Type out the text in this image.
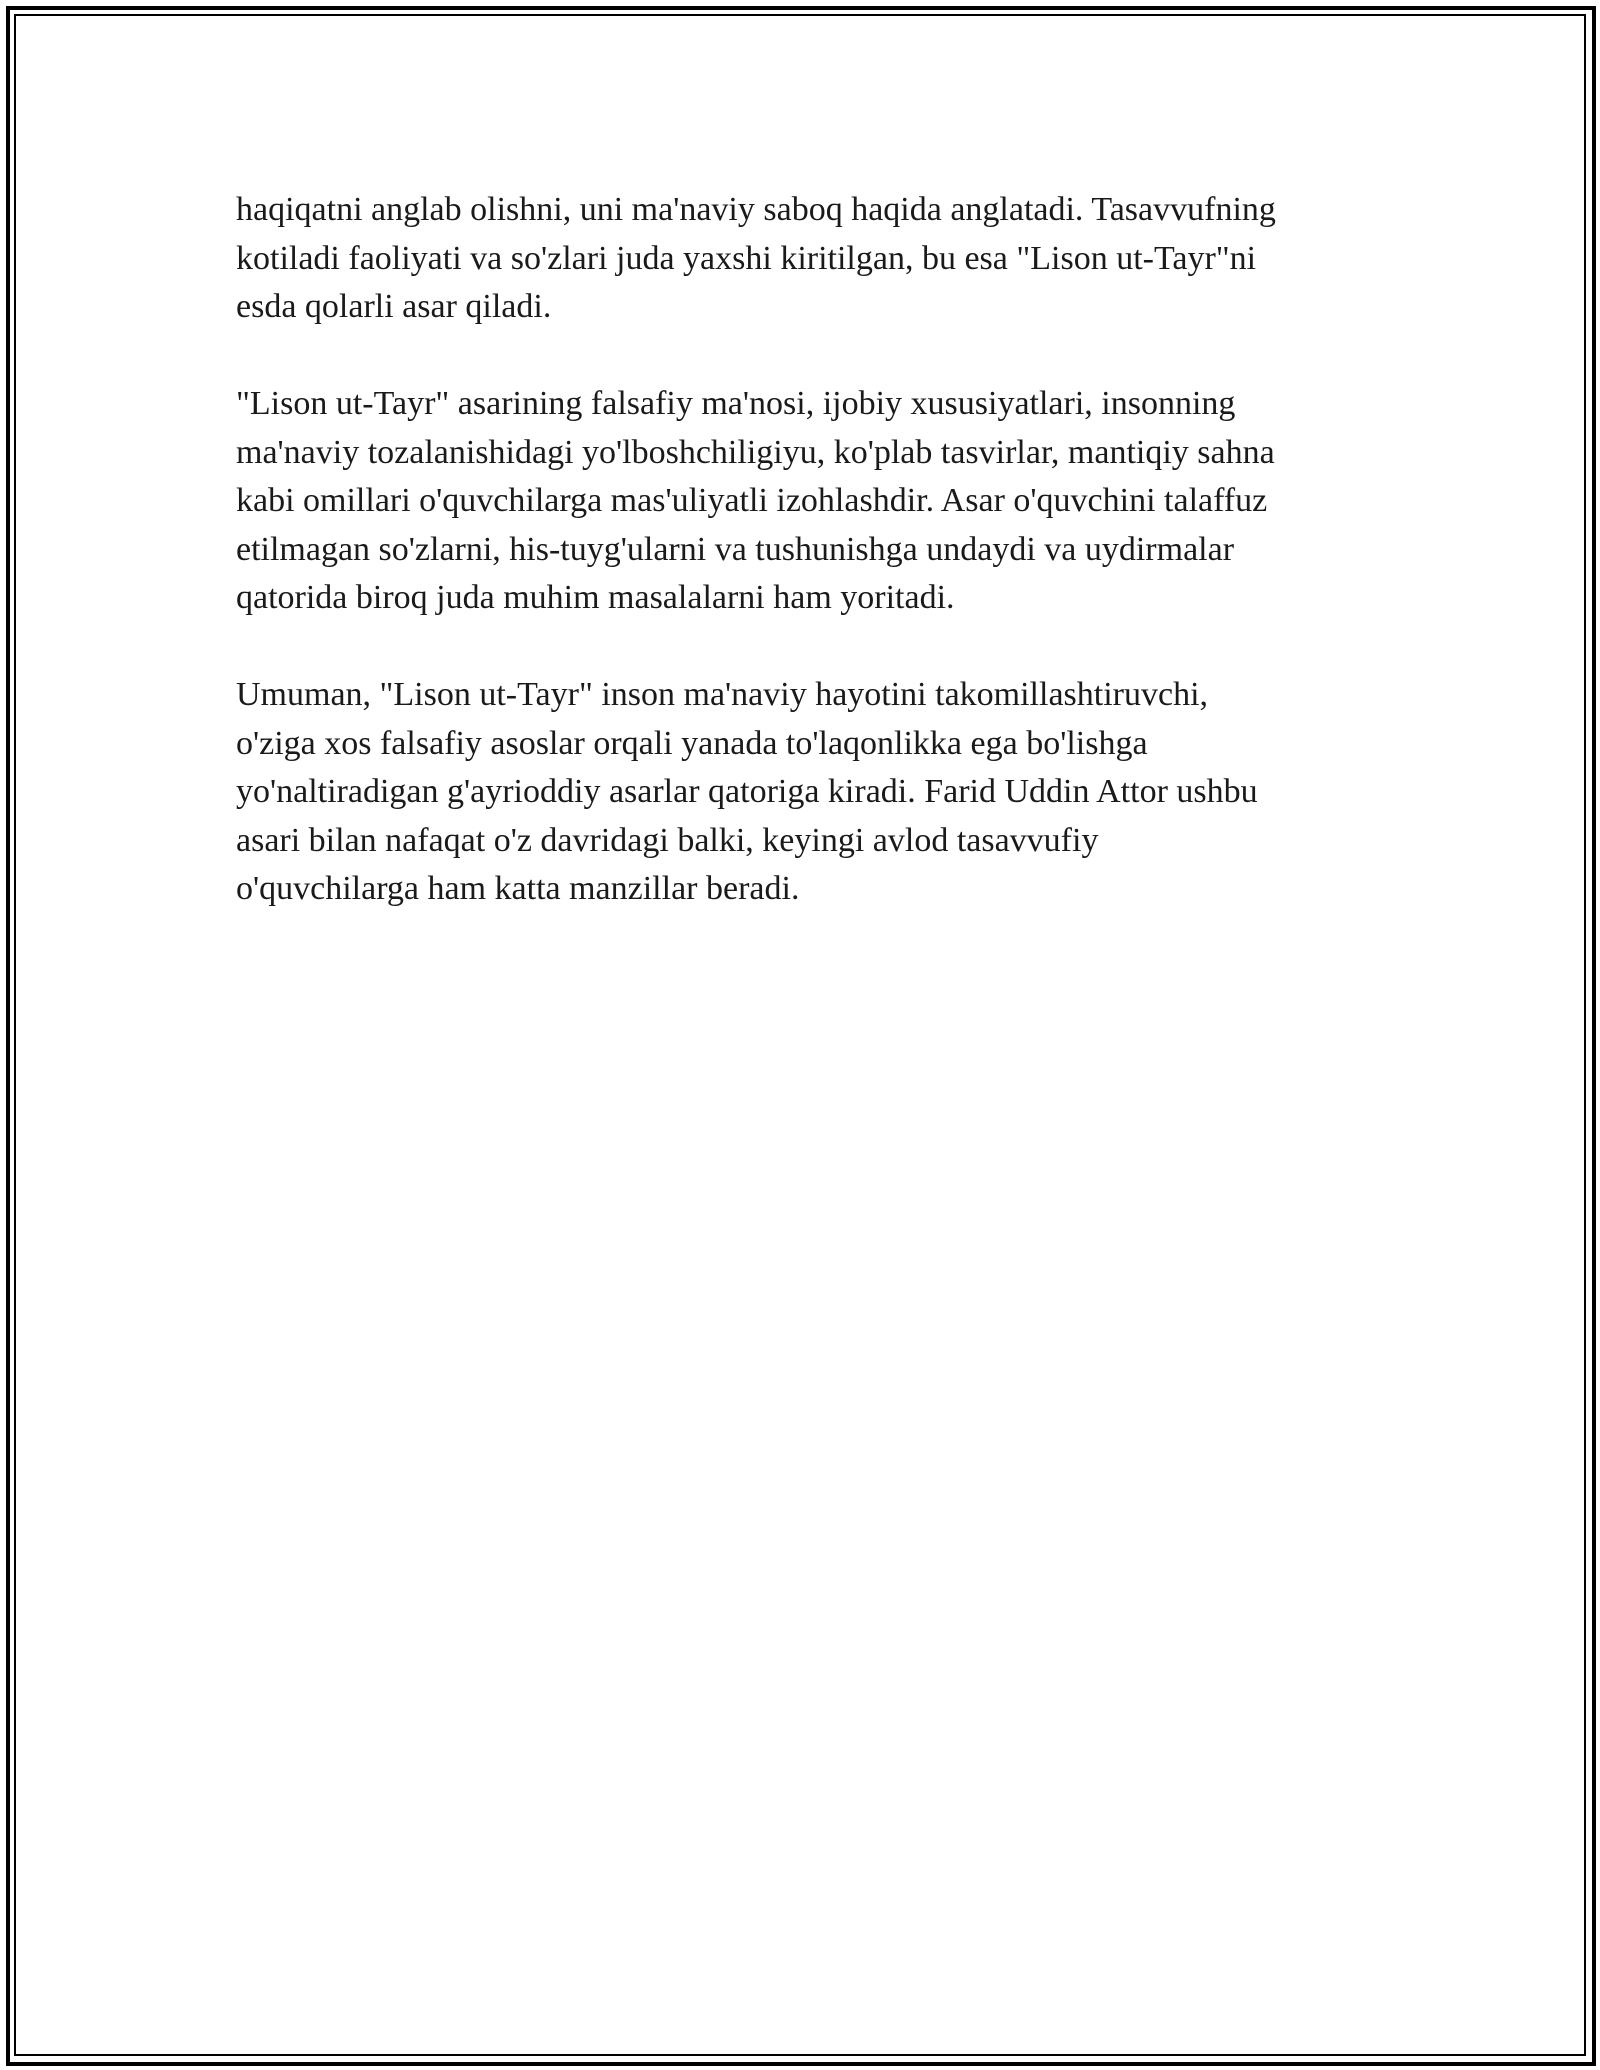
haqiqatni anglab olishni, uni ma'naviy saboq haqida anglatadi. Tasavvufning
kotiladi faoliyati va so'zlari juda yaxshi kiritilgan, bu esa "Lison ut-Tayr"ni
esda qolarli asar qiladi.

"Lison ut-Tayr" asarining falsafiy ma'nosi, ijobiy xususiyatlari, insonning
ma'naviy tozalanishidagi yo'lboshchiligiyu, ko'plab tasvirlar, mantiqiy sahna
kabi omillari o'quvchilarga mas'uliyatli izohlashdir. Asar o'quvchini talaffuz
etilmagan so'zlarni, his-tuyg'ularni va tushunishga undaydi va uydirmalar
qatorida biroq juda muhim masalalarni ham yoritadi.

Umuman, "Lison ut-Tayr" inson ma'naviy hayotini takomillashtiruvchi,
o'ziga xos falsafiy asoslar orqali yanada to'laqonlikka ega bo'lishga
yo'naltiradigan g'ayrioddiy asarlar qatoriga kiradi. Farid Uddin Attor ushbu
asari bilan nafaqat o'z davridagi balki, keyingi avlod tasavvufiy
o'quvchilarga ham katta manzillar beradi.
